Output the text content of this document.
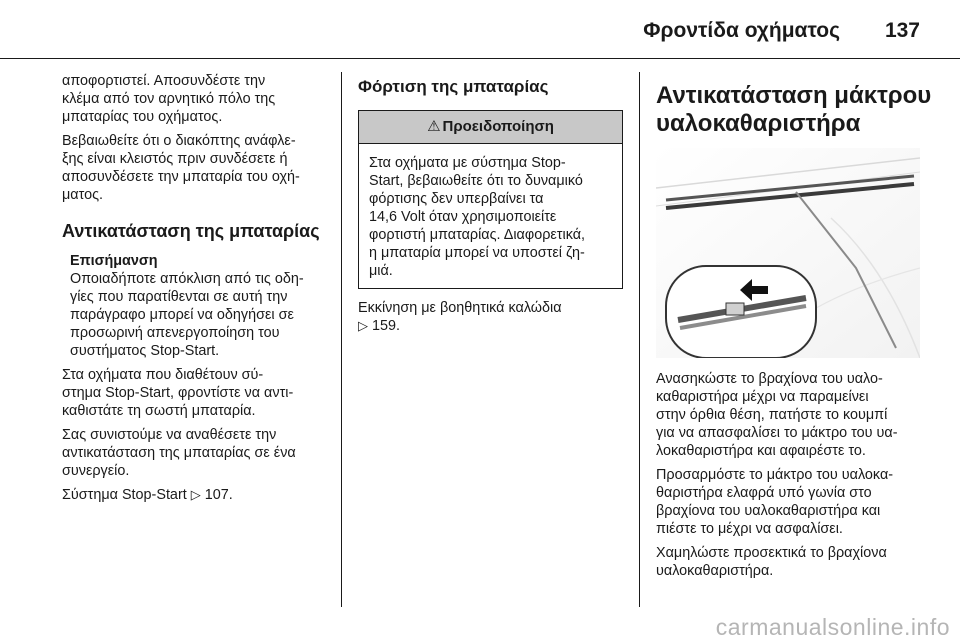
Φροντίδα οχήματος	137

αποφορτιστεί. Αποσυνδέστε την
κλέμα από τον αρνητικό πόλο της
μπαταρίας του οχήματος.

Βεβαιωθείτε ότι ο διακόπτης ανάφλε-
ξης είναι κλειστός πριν συνδέσετε ή
αποσυνδέσετε την μπαταρία του οχή-
ματος.

Αντικατάσταση της μπαταρίας
Επισήμανση
Οποιαδήποτε απόκλιση από τις οδη-
γίες που παρατίθενται σε αυτή την
παράγραφο μπορεί να οδηγήσει σε
προσωρινή απενεργοποίηση του
συστήματος Stop-Start.

Στα οχήματα που διαθέτουν σύ-
στημα Stop-Start, φροντίστε να αντι-
καθιστάτε τη σωστή μπαταρία.

Σας συνιστούμε να αναθέσετε την
αντικατάσταση της μπαταρίας σε ένα
συνεργείο.

Σύστημα Stop-Start ▷ 107.

Φόρτιση της μπαταρίας
⚠ Προειδοποίηση
Στα οχήματα με σύστημα Stop-
Start, βεβαιωθείτε ότι το δυναμικό
φόρτισης δεν υπερβαίνει τα
14,6 Volt όταν χρησιμοποιείτε
φορτιστή μπαταρίας. Διαφορετικά,
η μπαταρία μπορεί να υποστεί ζη-
μιά.

Εκκίνηση με βοηθητικά καλώδια
▷ 159.

Αντικατάσταση μάκτρου
υαλοκαθαριστήρα

Ανασηκώστε το βραχίονα του υαλο-
καθαριστήρα μέχρι να παραμείνει
στην όρθια θέση, πατήστε το κουμπί
για να απασφαλίσει το μάκτρο του υα-
λοκαθαριστήρα και αφαιρέστε το.

Προσαρμόστε το μάκτρο του υαλοκα-
θαριστήρα ελαφρά υπό γωνία στο
βραχίονα του υαλοκαθαριστήρα και
πιέστε το μέχρι να ασφαλίσει.

Χαμηλώστε προσεκτικά το βραχίονα
υαλοκαθαριστήρα.

carmanualsonline.info
